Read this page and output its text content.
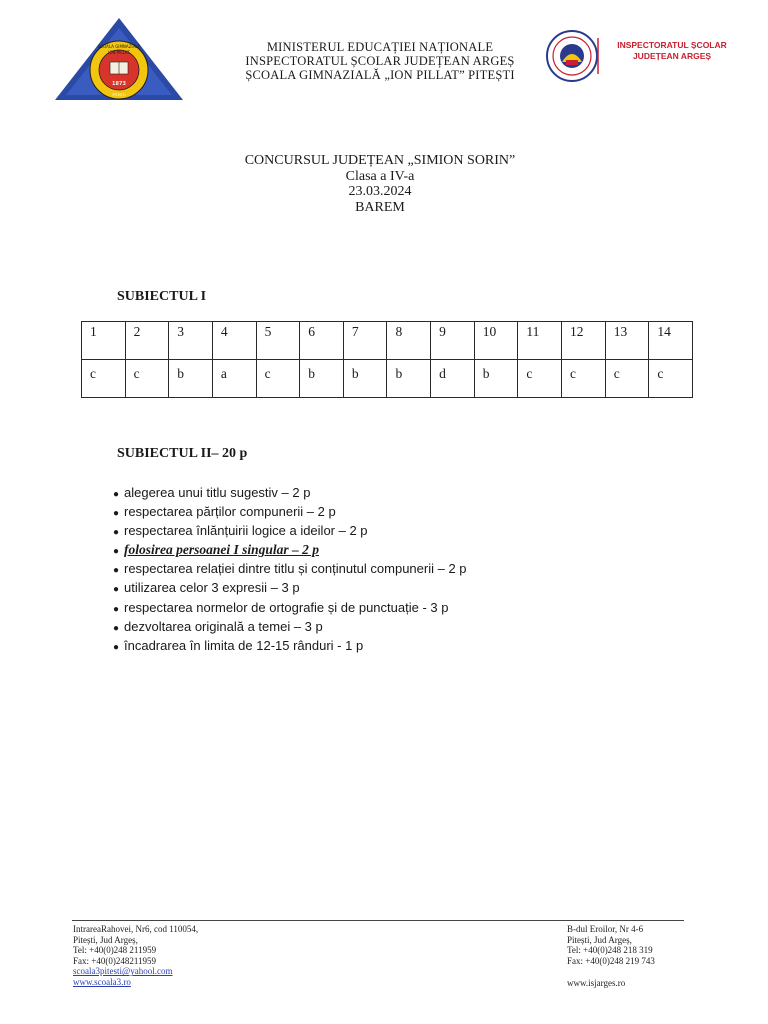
ȘCOALA GIMNAZIALĂ
ION PILLAT
PITEȘTI
1873
MINISTERUL EDUCAȚIEI NAȚIONALE
INSPECTORATUL ȘCOLAR JUDEȚEAN ARGEȘ
ȘCOALA GIMNAZIALĂ „ION PILLAT” PITEȘTI
INSPECTORATUL ȘCOLAR
JUDEȚEAN ARGEȘ
CONCURSUL JUDEȚEAN „SIMION SORIN”
Clasa a IV-a
23.03.2024
BAREM
SUBIECTUL I
1	2	3	4	5	6	7	8	9	10	11	12	13	14
c	c	b	a	c	b	b	b	d	b	c	c	c	c
SUBIECTUL II– 20 p
● alegerea unui titlu sugestiv – 2 p
● respectarea părților compunerii – 2 p
● respectarea înlănțuirii logice a ideilor – 2 p
● folosirea persoanei I singular – 2 p
● respectarea relației dintre titlu și conținutul compunerii – 2 p
● utilizarea celor 3 expresii – 3 p
● respectarea normelor de ortografie și de punctuație - 3 p
● dezvoltarea originală a temei – 3 p
● încadrarea în limita de 12-15 rânduri - 1 p
IntrareaRahovei, Nr6, cod 110054,
Pitești, Jud Argeș,
Tel: +40(0)248 211959
Fax: +40(0)248211959
scoala3pitesti@yahool.com
www.scoala3.ro
B-dul Eroilor, Nr 4-6
Pitești, Jud Argeș,
Tel: +40(0)248 218 319
Fax: +40(0)248 219 743
www.isjarges.ro
